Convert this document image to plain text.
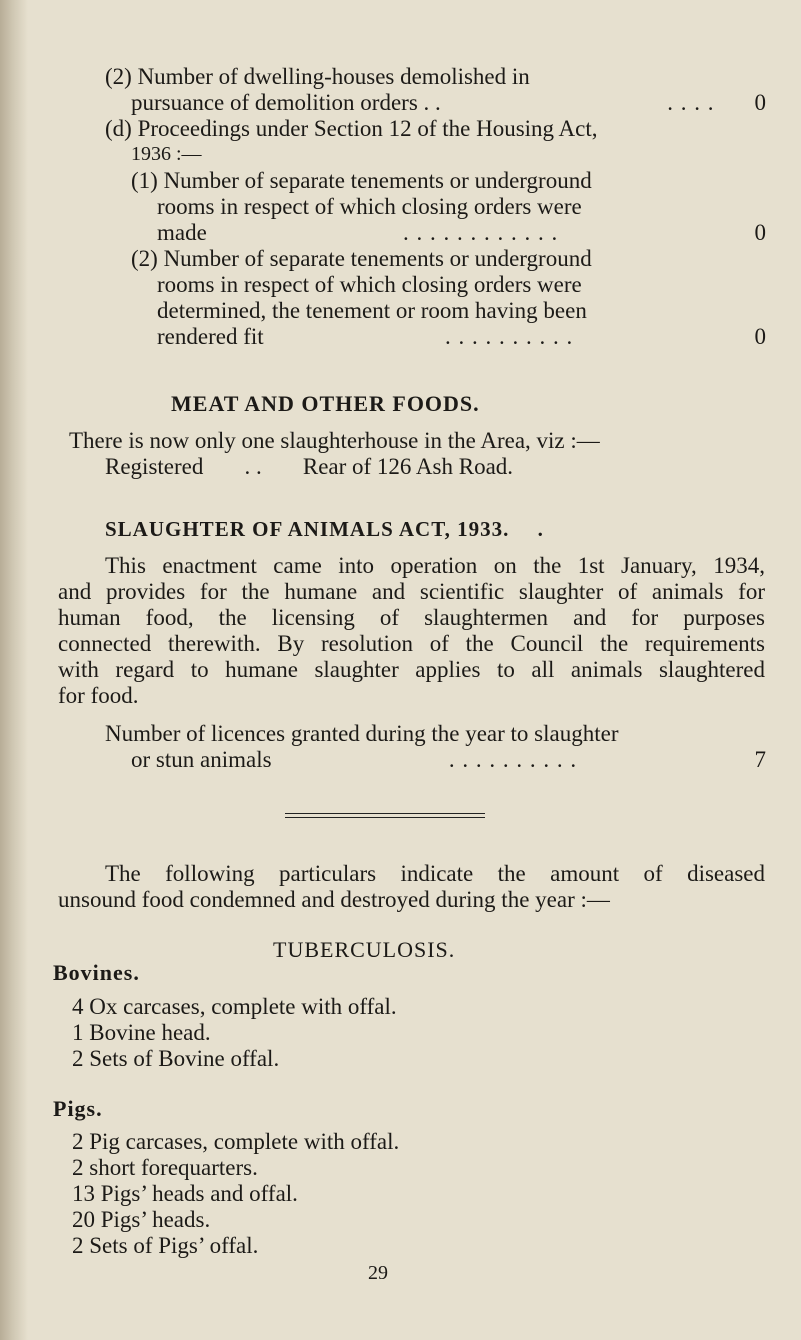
(2) Number of dwelling-houses demolished in
pursuance of demolition orders . .	. . . .	0
(d) Proceedings under Section 12 of the Housing Act,
1936 :—
(1) Number of separate tenements or underground
rooms in respect of which closing orders were
made	. . . . . . . . . . . .	0
(2) Number of separate tenements or underground
rooms in respect of which closing orders were
determined, the tenement or room having been
rendered fit	. . . . . . . . . .	0
MEAT AND OTHER FOODS.
There is now only one slaughterhouse in the Area, viz :—
Registered . . Rear of 126 Ash Road.
SLAUGHTER OF ANIMALS ACT, 1933. .
This enactment came into operation on the 1st January, 1934,
and provides for the humane and scientific slaughter of animals for
human food, the licensing of slaughtermen and for purposes
connected therewith. By resolution of the Council the requirements
with regard to humane slaughter applies to all animals slaughtered
for food.
Number of licences granted during the year to slaughter
or stun animals	. . . . . . . . . .	7
The following particulars indicate the amount of diseased
unsound food condemned and destroyed during the year :—
TUBERCULOSIS.
Bovines.
4 Ox carcases, complete with offal.
1 Bovine head.
2 Sets of Bovine offal.
Pigs.
2 Pig carcases, complete with offal.
2 short forequarters.
13 Pigs’ heads and offal.
20 Pigs’ heads.
2 Sets of Pigs’ offal.
29
